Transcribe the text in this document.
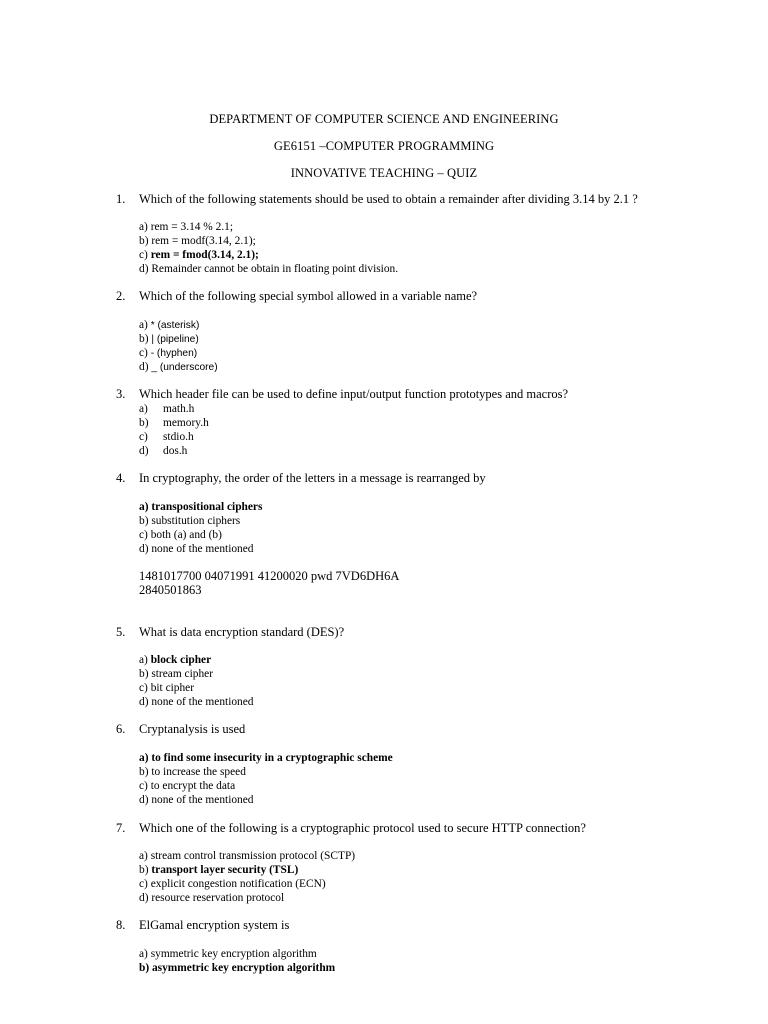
DEPARTMENT OF COMPUTER SCIENCE AND ENGINEERING
GE6151 –COMPUTER PROGRAMMING
INNOVATIVE TEACHING – QUIZ
1. Which of the following statements should be used to obtain a remainder after dividing 3.14 by 2.1 ?
a) rem = 3.14 % 2.1;
b) rem = modf(3.14, 2.1);
c) rem = fmod(3.14, 2.1);
d) Remainder cannot be obtain in floating point division.
2. Which of the following special symbol allowed in a variable name?
a) * (asterisk)
b) | (pipeline)
c) - (hyphen)
d) _ (underscore)
3. Which header file can be used to define input/output function prototypes and macros?
a) math.h
b) memory.h
c) stdio.h
d) dos.h
4. In cryptography, the order of the letters in a message is rearranged by
a) transpositional ciphers
b) substitution ciphers
c) both (a) and (b)
d) none of the mentioned
1481017700 04071991 41200020 pwd 7VD6DH6A
2840501863
5. What is data encryption standard (DES)?
a) block cipher
b) stream cipher
c) bit cipher
d) none of the mentioned
6. Cryptanalysis is used
a) to find some insecurity in a cryptographic scheme
b) to increase the speed
c) to encrypt the data
d) none of the mentioned
7. Which one of the following is a cryptographic protocol used to secure HTTP connection?
a) stream control transmission protocol (SCTP)
b) transport layer security (TSL)
c) explicit congestion notification (ECN)
d) resource reservation protocol
8. ElGamal encryption system is
a) symmetric key encryption algorithm
b) asymmetric key encryption algorithm
